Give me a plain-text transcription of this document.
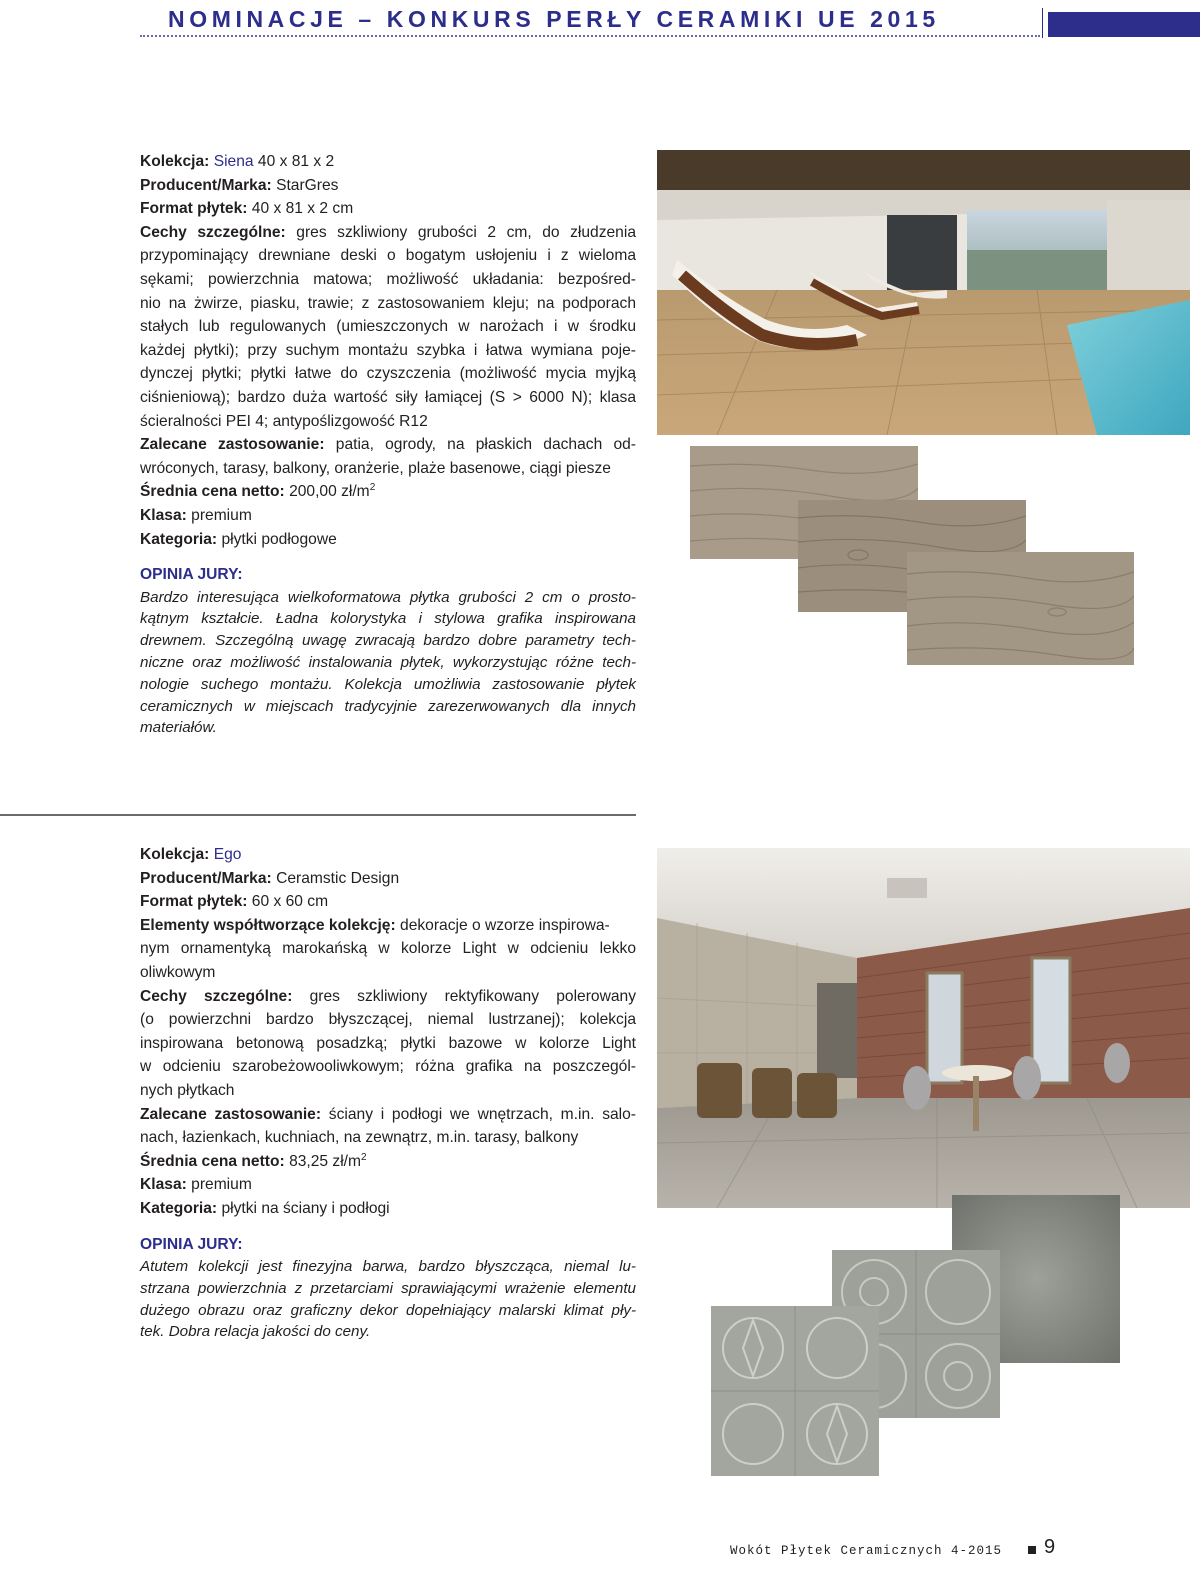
NOMINACJE – KONKURS PERŁY CERAMIKI UE 2015
Kolekcja: Siena 40 x 81 x 2
Producent/Marka: StarGres
Format płytek: 40 x 81 x 2 cm
Cechy szczególne: gres szkliwiony grubości 2 cm, do złudzenia
przypominający drewniane deski o bogatym usłojeniu i z wieloma
sękami; powierzchnia matowa; możliwość układania: bezpośred-
nio na żwirze, piasku, trawie; z zastosowaniem kleju; na podporach
stałych lub regulowanych (umieszczonych w narożach i w środku
każdej płytki); przy suchym montażu szybka i łatwa wymiana poje-
dynczej płytki; płytki łatwe do czyszczenia (możliwość mycia myjką
ciśnieniową); bardzo duża wartość siły łamiącej (S > 6000 N); klasa
ścieralności PEI 4; antypoślizgowość R12
Zalecane zastosowanie: patia, ogrody, na płaskich dachach od-
wróconych, tarasy, balkony, oranżerie, plaże basenowe, ciągi piesze
Średnia cena netto: 200,00 $zł/m^2$
Klasa: premium
Kategoria: płytki podłogowe
OPINIA JURY:
Bardzo interesująca wielkoformatowa płytka grubości 2 cm o prosto-
kątnym kształcie. Ładna kolorystyka i stylowa grafika inspirowana
drewnem. Szczególną uwagę zwracają bardzo dobre parametry tech-
niczne oraz możliwość instalowania płytek, wykorzystując różne tech-
nologie suchego montażu. Kolekcja umożliwia zastosowanie płytek
ceramicznych w miejscach tradycyjnie zarezerwowanych dla innych
materiałów.
Kolekcja: Ego
Producent/Marka: Ceramstic Design
Format płytek: 60 x 60 cm
Elementy współtworzące kolekcję: dekoracje o wzorze inspirowa-
nym ornamentyką marokańską w kolorze Light w odcieniu lekko
oliwkowym
Cechy szczególne: gres szkliwiony rektyfikowany polerowany
(o powierzchni bardzo błyszczącej, niemal lustrzanej); kolekcja
inspirowana betonową posadzką; płytki bazowe w kolorze Light
w odcieniu szarobeżowooliwkowym; różna grafika na poszczegól-
nych płytkach
Zalecane zastosowanie: ściany i podłogi we wnętrzach, m.in. salo-
nach, łazienkach, kuchniach, na zewnątrz, m.in. tarasy, balkony
Średnia cena netto: 83,25 $zł/m^2$
Klasa: premium
Kategoria: płytki na ściany i podłogi
OPINIA JURY:
Atutem kolekcji jest finezyjna barwa, bardzo błyszcząca, niemal lu-
strzana powierzchnia z przetarciami sprawiającymi wrażenie elementu
dużego obrazu oraz graficzny dekor dopełniający malarski klimat pły-
tek. Dobra relacja jakości do ceny.
Wokót Płytek Ceramicznych 4-2015 9
